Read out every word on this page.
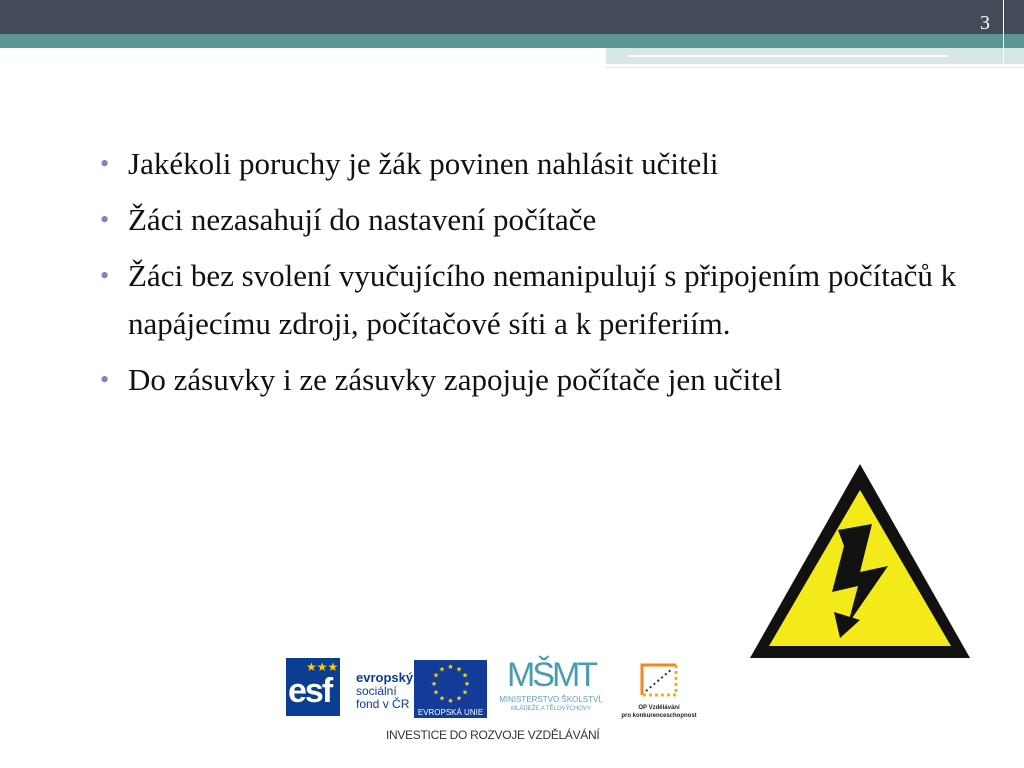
3
• Jakékoli poruchy je žák povinen nahlásit učiteli
• Žáci nezasahují do nastavení počítače
• Žáci bez svolení vyučujícího nemanipulují s připojením počítačů k napájecímu zdroji, počítačové síti a k periferiím.
• Do zásuvky i ze zásuvky zapojuje počítače jen učitel
★★★
esf evropský
sociální
fond v ČR
★ ★
★
★
★
★
★
★
★
★
★
★
EVROPSKÁ UNIE
MŠMT
MINISTERSTVO ŠKOLSTVÍ,
MLÁDEŽE A TĚLOVÝCHOVY	OP Vzdělávání
pro konkurenceschopnost
INVESTICE DO ROZVOJE VZDĚLÁVÁNÍ
